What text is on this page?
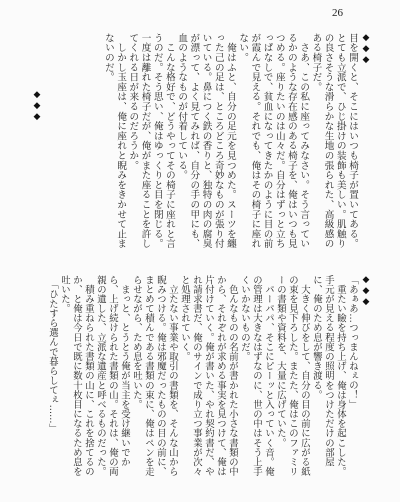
26
◆◆◆
目を開くと、そこにはいつも椅子が置いてある。とても立派で、ひじ掛けの装飾も美しい。肌触りの良さそうな滑らかな生地の張られた、高級感のある椅子だ。
　さあ、この私に座ってみなさい。そう言っているかのような存在感のある椅子を、俺はいつも見つめる。座りたいのは山々だ。自分はずっと立ちっぱなしで、貧血になってきたかのように目の前が霞んで見える。それでも、俺はその椅子に座れない。
　俺はふと、自分の足元を見つめた。スーツを纏った己の足は、ところどころ奇妙なものが張り付いている。鼻につく鉄の香りと、独特の肉の腐臭が漂って、よく見てみれば、自分の手の甲にも、血のようなものが付着している。
　こんな格好で、どうやってその椅子に座れと言うのだ。そう思い、俺はゆっくりと目を閉じる。一度は離れた椅子だが、俺がまた座ることを許してくれる日が来るのだろうか。
　しかし玉座は、俺に座れと睨みをきかせて止まないのだ。
◆◆◆
◆◆◆
「あぁあ…つっまんねぇの！」
　重たい瞼を持ち上げ、俺は身体を起こした。手元が見える程度の照明をつけただけの部屋に、俺のため息が響き渡る。
　大きく伸びをして、自分の目の前に広がる紙の束を見下ろした。またた、俺はこのファミリーの書類や資料を、大量に広げていた。
　パーパパ、そこにピーッと入っていく音。俺の管理は大きなはずなのに、世の中はそう上手くいかないものだ。
　色んなものの名前が書かれた小さな書類の中から、それぞれが求める事実を見つけて、俺は片付けていく。俺が書いた、やれ契約書だ、やれ請求書だ、俺のサインで成り立つ事業が次々と処理されていく。
　立たない事業や取引の書類を、そんな山から睨みつける。俺は邪魔だったものの目の前に、まとめて積んである書類の束に、俺はペンを走らせながら、ため息を吐いた。
　まっと、とうとう俺が当主を受け継いでから、上げ続けられた書類の山。それは、俺の両親の遺した、立派な遺産と呼べるものだった。
　積み重ねられた書類の山に、これを捨てるのか、と俺は今日で既に数十枚目になるため息を吐いた。
　「ひたすら選んで暮らしてぇ……」
